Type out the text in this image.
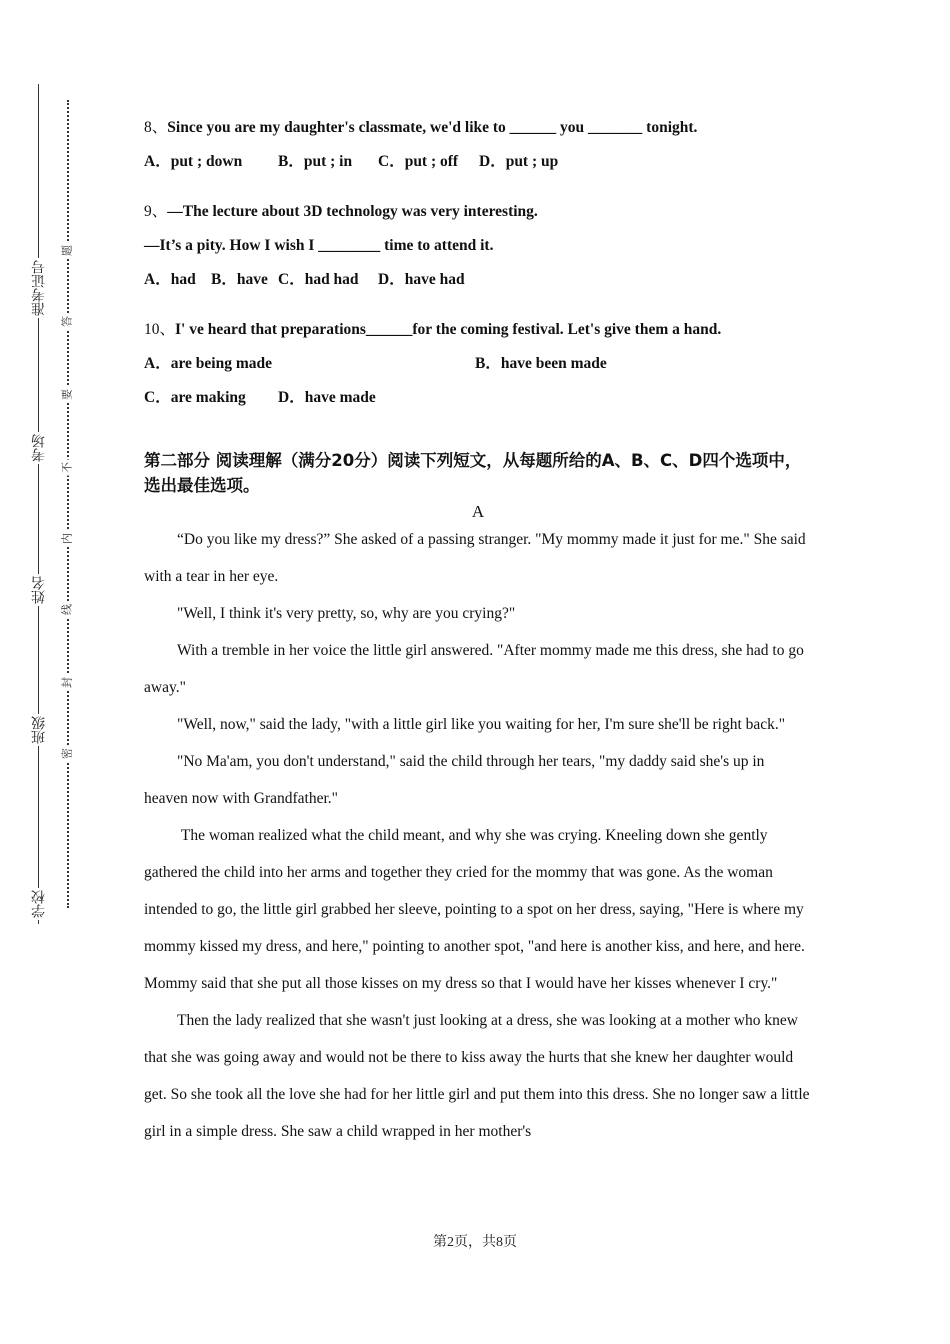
准考证号
考场
姓名
班级
学校
题
答
要
不
内
线
封
密
8、Since you are my daughter's classmate, we'd like to ______ you _______ tonight.
A．put ; down	B．put ; in	C．put ; off	D．put ; up
9、—The lecture about 3D technology was very interesting.
—It’s a pity. How I wish I ________ time to attend it.
A．had B．have C．had had	D．have had
10、I' ve heard that preparations______for the coming festival. Let's give them a hand.
A．are being made	B．have been made
C．are making	D．have made
第二部分 阅读理解（满分20分）阅读下列短文，从每题所给的A、B、C、D四个选项中，选出最佳选项。
A

“Do you like my dress?” She asked of a passing stranger. "My mommy made it just for me." She said with a tear in her eye.

"Well, I think it's very pretty, so, why are you crying?"

With a tremble in her voice the little girl answered. "After mommy made me this dress, she had to go away."

"Well, now," said the lady, "with a little girl like you waiting for her, I'm sure she'll be right back."

"No Ma'am, you don't understand," said the child through her tears, "my daddy said she's up in heaven now with Grandfather."

The woman realized what the child meant, and why she was crying. Kneeling down she gently gathered the child into her arms and together they cried for the mommy that was gone. As the woman intended to go, the little girl grabbed her sleeve, pointing to a spot on her dress, saying, "Here is where my mommy kissed my dress, and here," pointing to another spot, "and here is another kiss, and here, and here. Mommy said that she put all those kisses on my dress so that I would have her kisses whenever I cry."

Then the lady realized that she wasn't just looking at a dress, she was looking at a mother who knew that she was going away and would not be there to kiss away the hurts that she knew her daughter would get. So she took all the love she had for her little girl and put them into this dress. She no longer saw a little girl in a simple dress. She saw a child wrapped in her mother's

第2页，共8页
